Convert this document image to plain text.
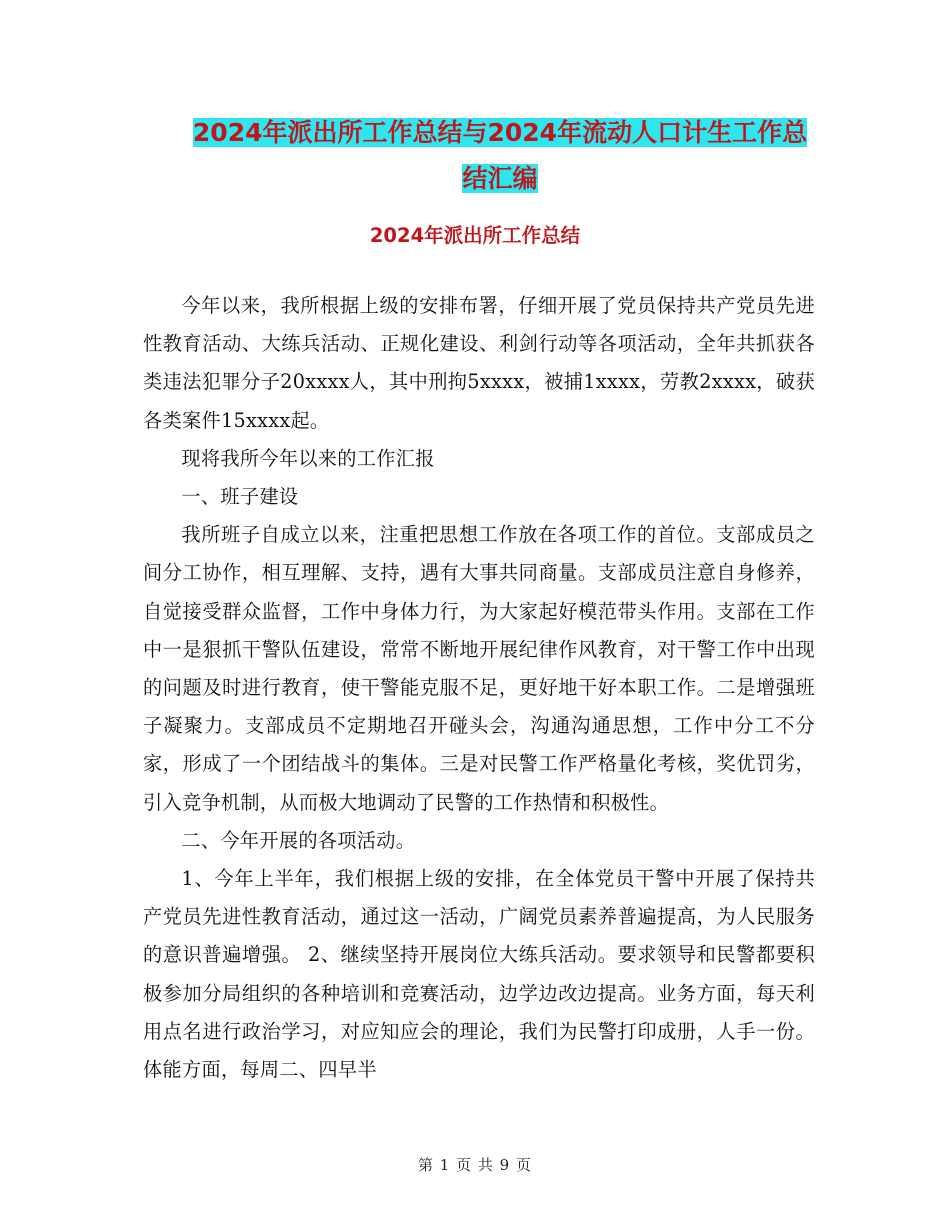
2024年派出所工作总结与2024年流动人口计生工作总
结汇编
2024年派出所工作总结

今年以来，我所根据上级的安排布署，仔细开展了党员保持共产党员先进性教育活动、大练兵活动、正规化建设、利剑行动等各项活动，全年共抓获各类违法犯罪分子20xxxx人，其中刑拘5xxxx，被捕1xxxx，劳教2xxxx，破获各类案件15xxxx起。

现将我所今年以来的工作汇报

一、班子建设

我所班子自成立以来，注重把思想工作放在各项工作的首位。支部成员之间分工协作，相互理解、支持，遇有大事共同商量。支部成员注意自身修养，自觉接受群众监督，工作中身体力行，为大家起好模范带头作用。支部在工作中一是狠抓干警队伍建设，常常不断地开展纪律作风教育，对干警工作中出现的问题及时进行教育，使干警能克服不足，更好地干好本职工作。二是增强班子凝聚力。支部成员不定期地召开碰头会，沟通沟通思想，工作中分工不分家，形成了一个团结战斗的集体。三是对民警工作严格量化考核，奖优罚劣，引入竞争机制，从而极大地调动了民警的工作热情和积极性。

二、今年开展的各项活动。

1、今年上半年，我们根据上级的安排，在全体党员干警中开展了保持共产党员先进性教育活动，通过这一活动，广阔党员素养普遍提高，为人民服务的意识普遍增强。 2、继续坚持开展岗位大练兵活动。要求领导和民警都要积极参加分局组织的各种培训和竞赛活动，边学边改边提高。业务方面，每天利用点名进行政治学习，对应知应会的理论，我们为民警打印成册，人手一份。体能方面，每周二、四早半

第 1 页 共 9 页
